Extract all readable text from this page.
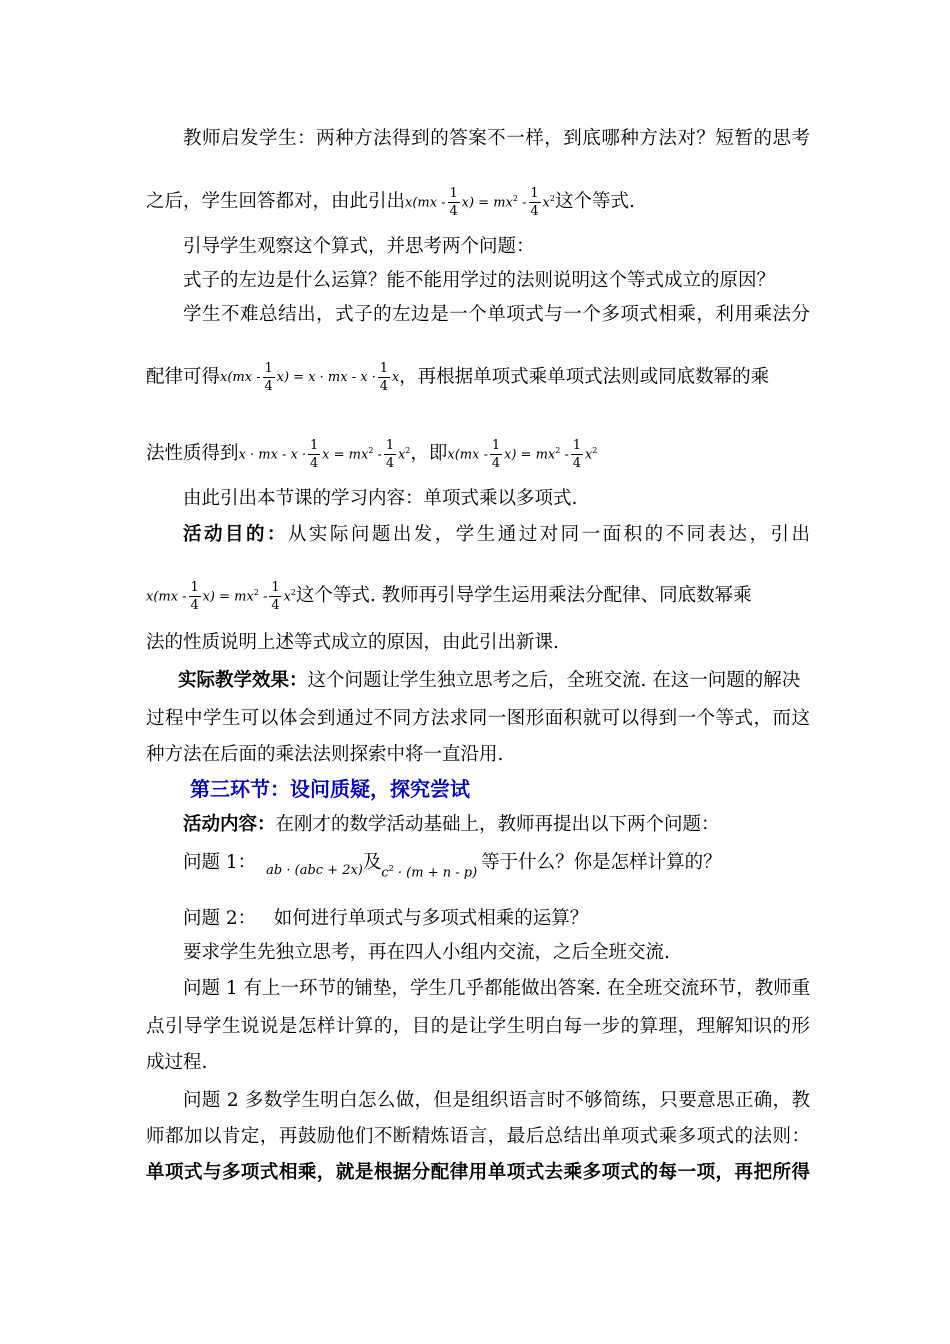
教师启发学生：两种方法得到的答案不一样，到底哪种方法对？短暂的思考
之后，学生回答都对，由此引出$x(mx - \frac{1}{4} x) = mx^2 - \frac{1}{4} x^2$这个等式.
引导学生观察这个算式，并思考两个问题：
式子的左边是什么运算？能不能用学过的法则说明这个等式成立的原因？
学生不难总结出，式子的左边是一个单项式与一个多项式相乘，利用乘法分
配律可得$x(mx - \frac{1}{4} x) = x$ · mx - $x \cdot \frac{1}{4}$ x，再根据单项式乘单项式法则或同底数幂的乘
法性质得到x · mx - $x \cdot \frac{1}{4}$ $x = mx^2 - \frac{1}{4} x^2$，即$x(mx - \frac{1}{4} x) = mx^2 - \frac{1}{4} x^2$
由此引出本节课的学习内容：单项式乘以多项式.
活动目的：从实际问题出发，学生通过对同一面积的不同表达，引出
$x(mx - \frac{1}{4} x) = mx^2 - \frac{1}{4} x^2$这个等式. 教师再引导学生运用乘法分配律、同底数幂乘
法的性质说明上述等式成立的原因，由此引出新课.
实际教学效果：这个问题让学生独立思考之后，全班交流. 在这一问题的解决
过程中学生可以体会到通过不同方法求同一图形面积就可以得到一个等式，而这
种方法在后面的乘法法则探索中将一直沿用.
第三环节：设问质疑，探究尝试
活动内容：在刚才的数学活动基础上，教师再提出以下两个问题：
问题 1： ab · (abc + 2x)及$c^2 \cdot (m + n - p)$ 等于什么？你是怎样计算的？
问题 2：   如何进行单项式与多项式相乘的运算？
要求学生先独立思考，再在四人小组内交流，之后全班交流.
问题 1 有上一环节的铺垫，学生几乎都能做出答案. 在全班交流环节，教师重
点引导学生说说是怎样计算的，目的是让学生明白每一步的算理，理解知识的形
成过程.
问题 2 多数学生明白怎么做，但是组织语言时不够简练，只要意思正确，教
师都加以肯定，再鼓励他们不断精炼语言，最后总结出单项式乘多项式的法则：
单项式与多项式相乘，就是根据分配律用单项式去乘多项式的每一项，再把所得
